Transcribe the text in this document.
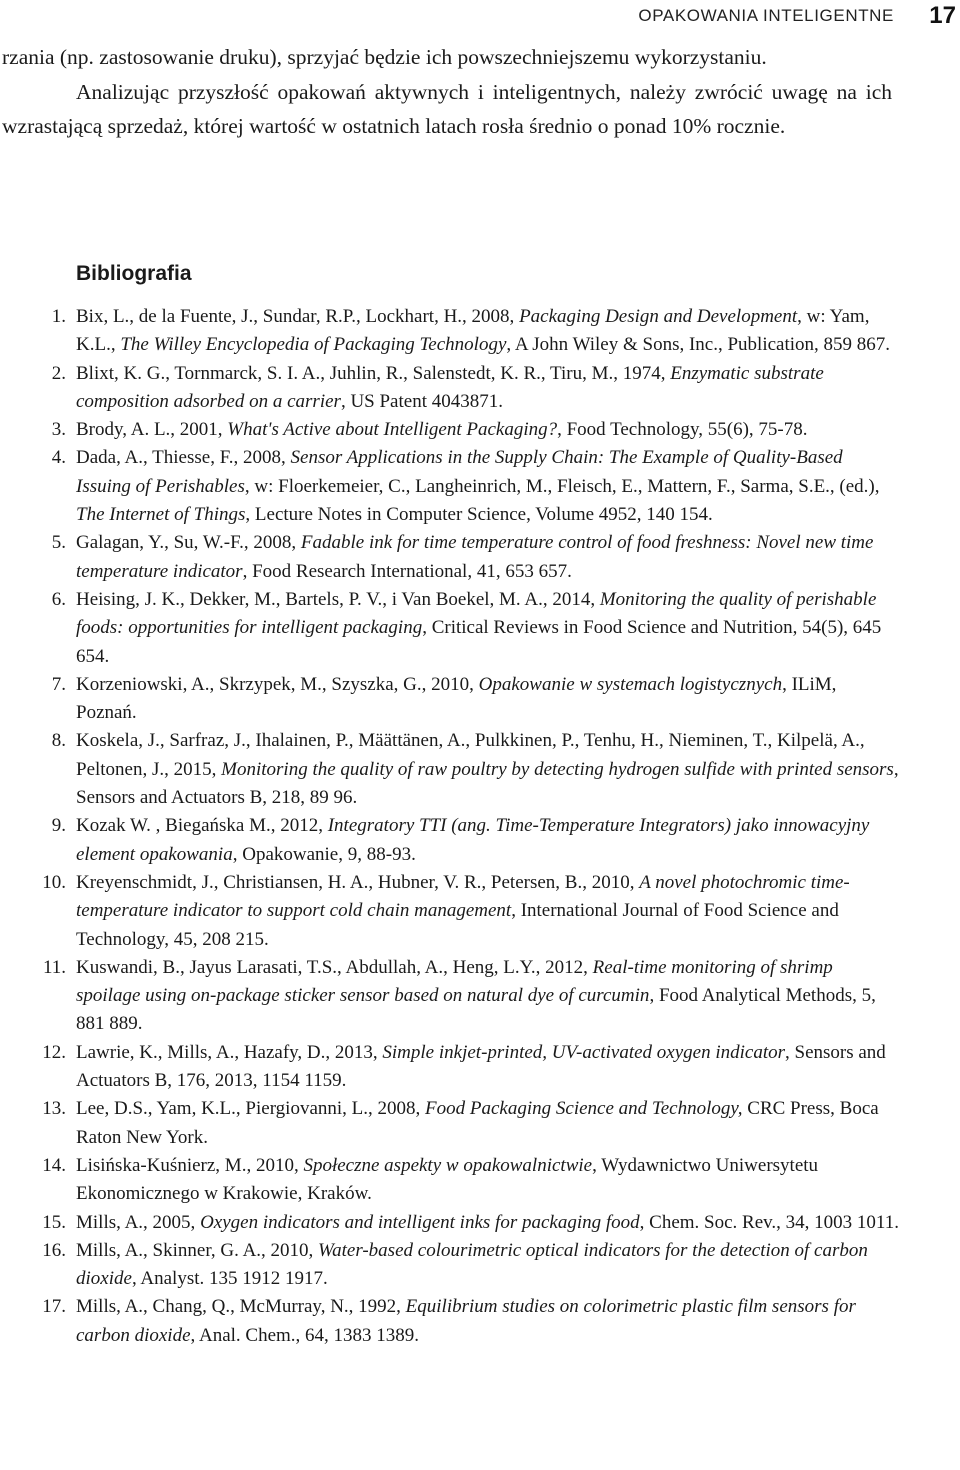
OPAKOWANIA INTELIGENTNE 17

rzania (np. zastosowanie druku), sprzyjać będzie ich powszechniejszemu wykorzystaniu.

Analizując przyszłość opakowań aktywnych i inteligentnych, należy zwrócić uwagę na ich wzrastającą sprzedaż, której wartość w ostatnich latach rosła średnio o ponad 10% rocznie.

Bibliografia
1. Bix, L., de la Fuente, J., Sundar, R.P., Lockhart, H., 2008, Packaging Design and Development, w: Yam, K.L., The Willey Encyclopedia of Packaging Technology, A John Wiley & Sons, Inc., Publication, 859 867.
2. Blixt, K. G., Tornmarck, S. I. A., Juhlin, R., Salenstedt, K. R., Tiru, M., 1974, Enzymatic substrate composition adsorbed on a carrier, US Patent 4043871.
3. Brody, A. L., 2001, What's Active about Intelligent Packaging?, Food Technology, 55(6), 75-78.
4. Dada, A., Thiesse, F., 2008, Sensor Applications in the Supply Chain: The Example of Quality-Based Issuing of Perishables, w: Floerkemeier, C., Langheinrich, M., Fleisch, E., Mattern, F., Sarma, S.E., (ed.), The Internet of Things, Lecture Notes in Computer Science, Volume 4952, 140 154.
5. Galagan, Y., Su, W.-F., 2008, Fadable ink for time temperature control of food freshness: Novel new time temperature indicator, Food Research International, 41, 653 657.
6. Heising, J. K., Dekker, M., Bartels, P. V., i Van Boekel, M. A., 2014, Monitoring the quality of perishable foods: opportunities for intelligent packaging, Critical Reviews in Food Science and Nutrition, 54(5), 645 654.
7. Korzeniowski, A., Skrzypek, M., Szyszka, G., 2010, Opakowanie w systemach logistycznych, ILiM, Poznań.
8. Koskela, J., Sarfraz, J., Ihalainen, P., Määttänen, A., Pulkkinen, P., Tenhu, H., Nieminen, T., Kilpelä, A., Peltonen, J., 2015, Monitoring the quality of raw poultry by detecting hydrogen sulfide with printed sensors, Sensors and Actuators B, 218, 89 96.
9. Kozak W. , Biegańska M., 2012, Integratory TTI (ang. Time-Temperature Integrators) jako innowacyjny element opakowania, Opakowanie, 9, 88-93.
10. Kreyenschmidt, J., Christiansen, H. A., Hubner, V. R., Petersen, B., 2010, A novel photochromic time-temperature indicator to support cold chain management, International Journal of Food Science and Technology, 45, 208 215.
11. Kuswandi, B., Jayus Larasati, T.S., Abdullah, A., Heng, L.Y., 2012, Real-time monitoring of shrimp spoilage using on-package sticker sensor based on natural dye of curcumin, Food Analytical Methods, 5, 881 889.
12. Lawrie, K., Mills, A., Hazafy, D., 2013, Simple inkjet-printed, UV-activated oxygen indicator, Sensors and Actuators B, 176, 2013, 1154 1159.
13. Lee, D.S., Yam, K.L., Piergiovanni, L., 2008, Food Packaging Science and Technology, CRC Press, Boca Raton New York.
14. Lisińska-Kuśnierz, M., 2010, Społeczne aspekty w opakowalnictwie, Wydawnictwo Uniwersytetu Ekonomicznego w Krakowie, Kraków.
15. Mills, A., 2005, Oxygen indicators and intelligent inks for packaging food, Chem. Soc. Rev., 34, 1003 1011.
16. Mills, A., Skinner, G. A., 2010, Water-based colourimetric optical indicators for the detection of carbon dioxide, Analyst. 135 1912 1917.
17. Mills, A., Chang, Q., McMurray, N., 1992, Equilibrium studies on colorimetric plastic film sensors for carbon dioxide, Anal. Chem., 64, 1383 1389.
